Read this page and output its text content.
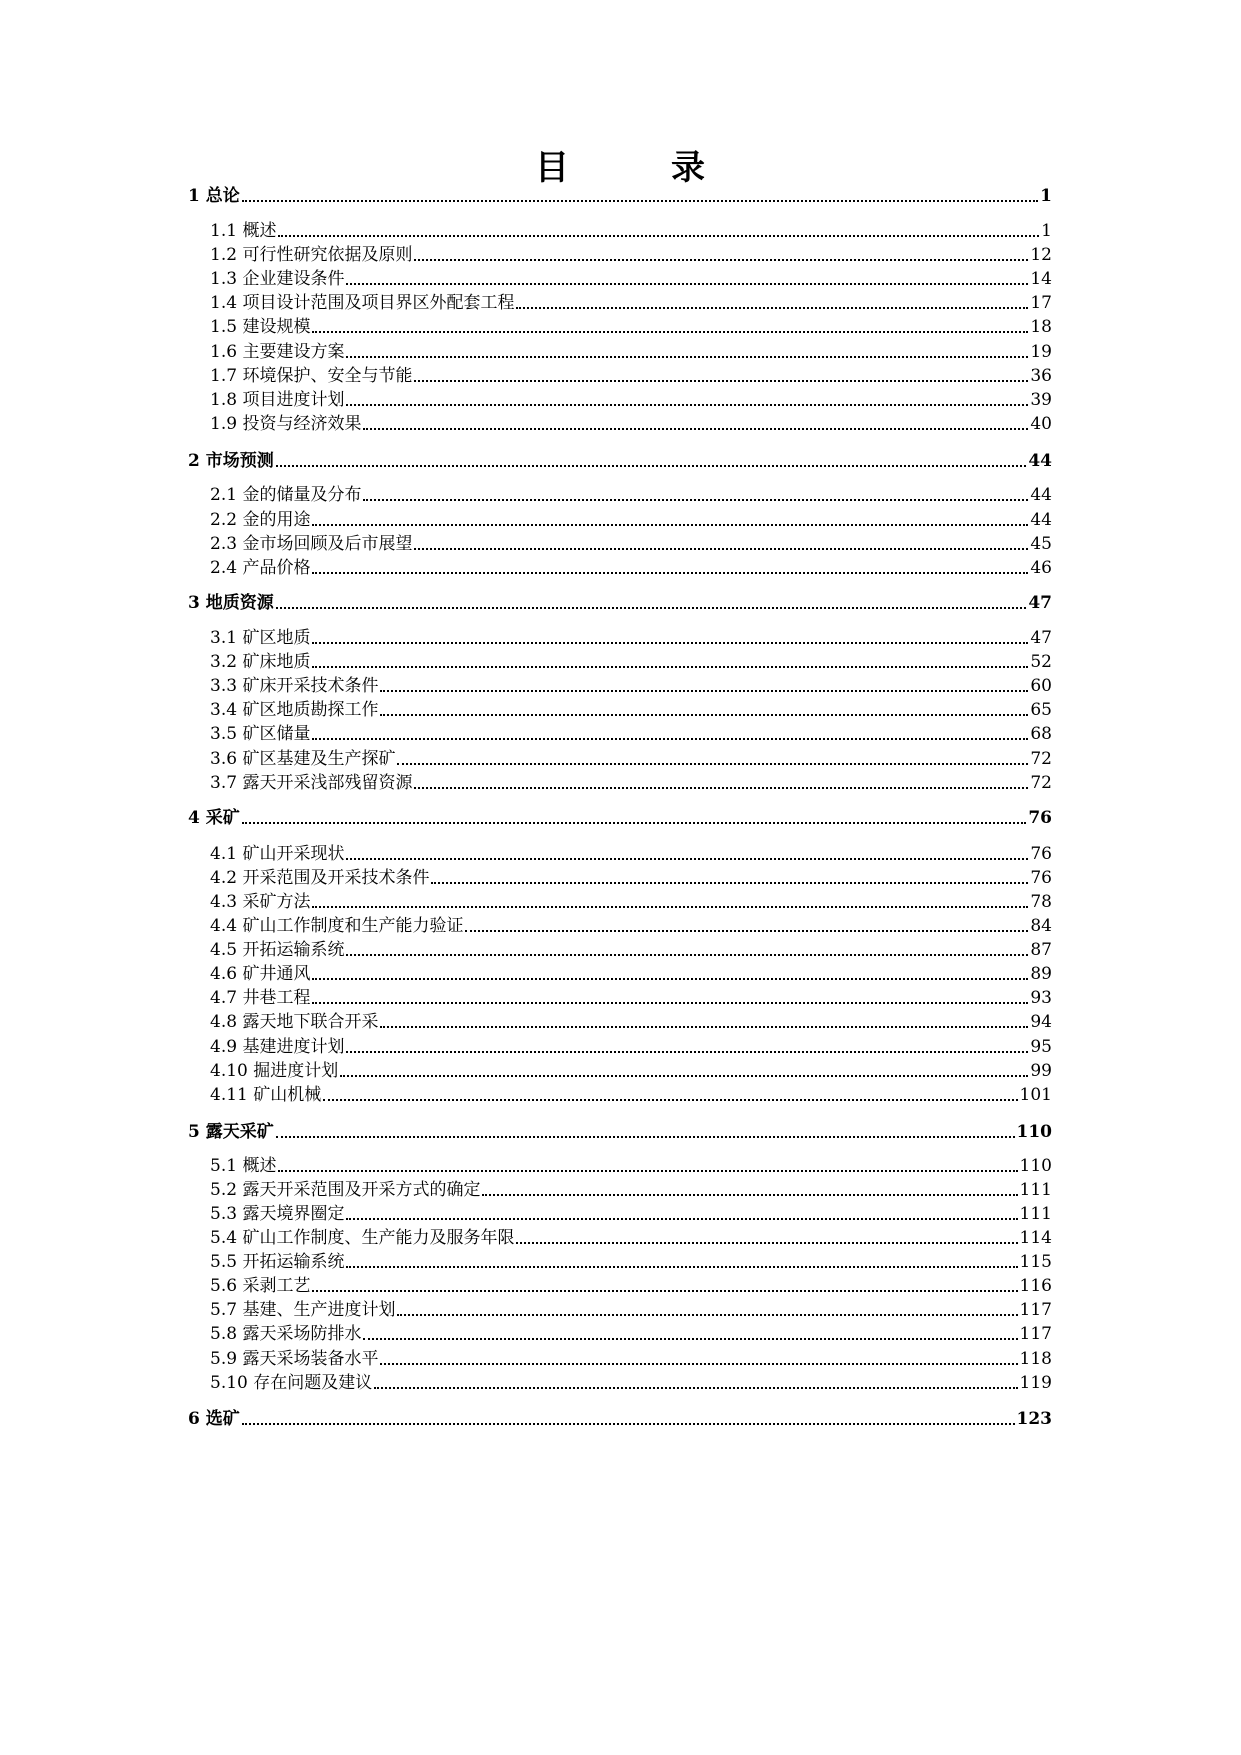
目　　　录
1 总论	1
1.1 概述	1
1.2 可行性研究依据及原则	12
1.3 企业建设条件	14
1.4 项目设计范围及项目界区外配套工程	17
1.5 建设规模	18
1.6 主要建设方案	19
1.7 环境保护、安全与节能	36
1.8 项目进度计划	39
1.9 投资与经济效果	40
2 市场预测	44
2.1 金的储量及分布	44
2.2 金的用途	44
2.3 金市场回顾及后市展望	45
2.4 产品价格	46
3 地质资源	47
3.1 矿区地质	47
3.2 矿床地质	52
3.3 矿床开采技术条件	60
3.4 矿区地质勘探工作	65
3.5 矿区储量	68
3.6 矿区基建及生产探矿	72
3.7 露天开采浅部残留资源	72
4 采矿	76
4.1 矿山开采现状	76
4.2 开采范围及开采技术条件	76
4.3 采矿方法	78
4.4 矿山工作制度和生产能力验证	84
4.5 开拓运输系统	87
4.6 矿井通风	89
4.7 井巷工程	93
4.8 露天地下联合开采	94
4.9 基建进度计划	95
4.10 掘进度计划	99
4.11 矿山机械	101
5 露天采矿	110
5.1 概述	110
5.2 露天开采范围及开采方式的确定	111
5.3 露天境界圈定	111
5.4 矿山工作制度、生产能力及服务年限	114
5.5 开拓运输系统	115
5.6 采剥工艺	116
5.7 基建、生产进度计划	117
5.8 露天采场防排水	117
5.9 露天采场装备水平	118
5.10 存在问题及建议	119
6 选矿	123
